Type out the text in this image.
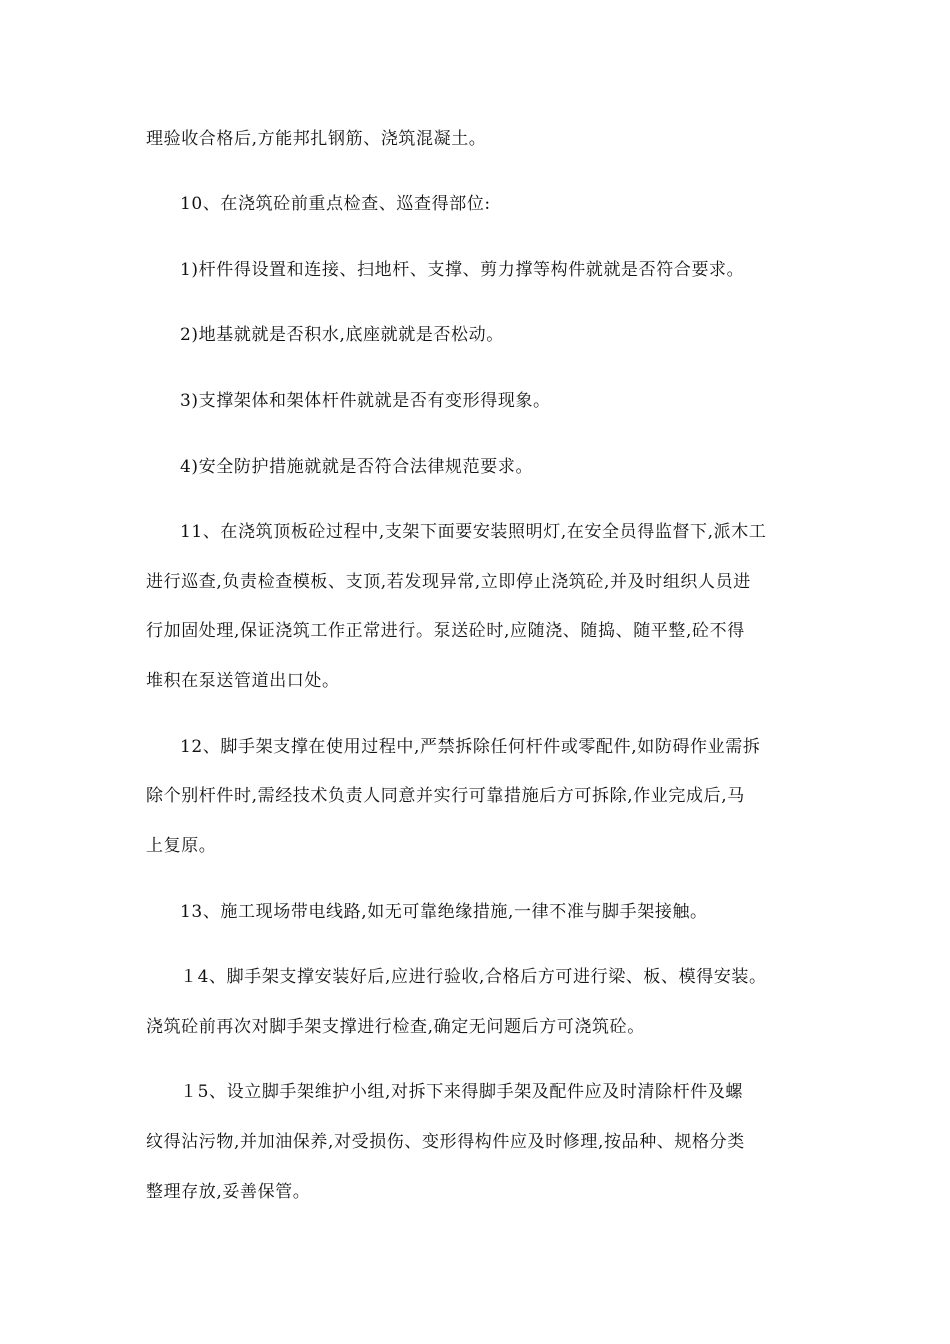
理验收合格后,方能邦扎钢筋、浇筑混凝土。
10、在浇筑砼前重点检查、巡查得部位:
1)杆件得设置和连接、扫地杆、支撑、剪力撑等构件就就是否符合要求。
2)地基就就是否积水,底座就就是否松动。
3)支撑架体和架体杆件就就是否有变形得现象。
4)安全防护措施就就是否符合法律规范要求。
11、在浇筑顶板砼过程中,支架下面要安装照明灯,在安全员得监督下,派木工
进行巡查,负责检查模板、支顶,若发现异常,立即停止浇筑砼,并及时组织人员进
行加固处理,保证浇筑工作正常进行。泵送砼时,应随浇、随捣、随平整,砼不得
堆积在泵送管道出口处。
12、脚手架支撑在使用过程中,严禁拆除任何杆件或零配件,如防碍作业需拆
除个别杆件时,需经技术负责人同意并实行可靠措施后方可拆除,作业完成后,马
上复原。
13、施工现场带电线路,如无可靠绝缘措施,一律不准与脚手架接触。
１4、脚手架支撑安装好后,应进行验收,合格后方可进行梁、板、模得安装。
浇筑砼前再次对脚手架支撑进行检查,确定无问题后方可浇筑砼。
１5、设立脚手架维护小组,对拆下来得脚手架及配件应及时清除杆件及螺
纹得沾污物,并加油保养,对受损伤、变形得构件应及时修理,按品种、规格分类
整理存放,妥善保管。
